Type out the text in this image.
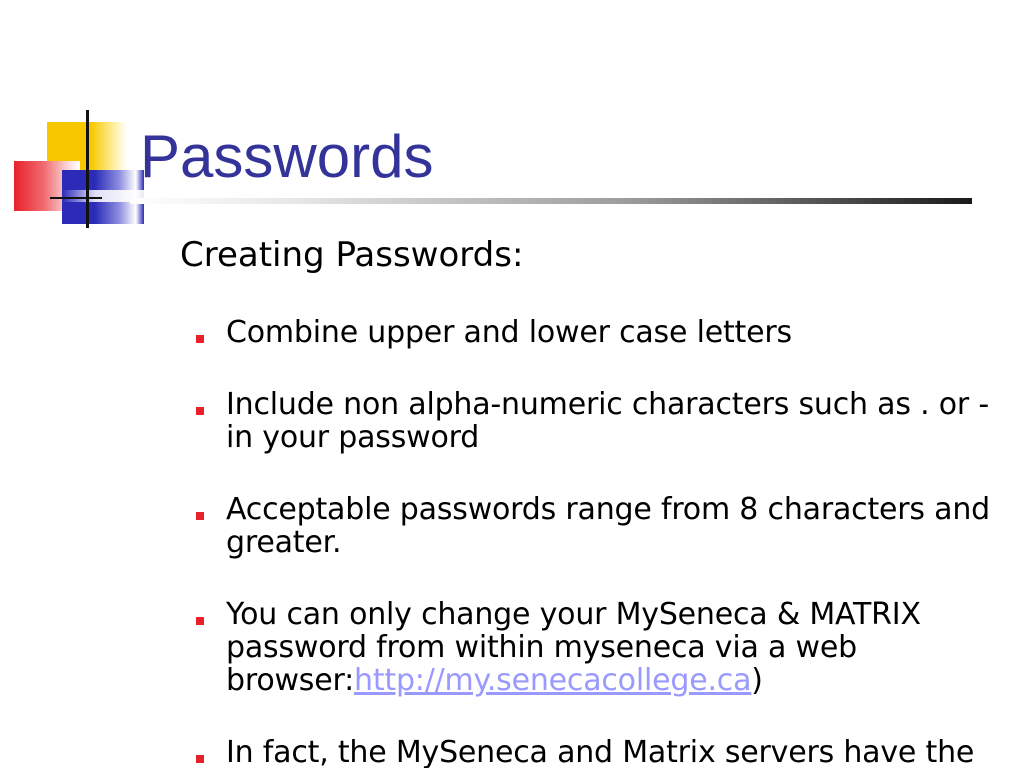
Passwords

Creating Passwords:

Combine upper and lower case letters
Include non alpha-numeric characters such as . or - in your password
Acceptable passwords range from 8 characters and greater.
You can only change your MySeneca & MATRIX password from within myseneca via a web browser:http://my.senecacollege.ca)
In fact, the MySeneca and Matrix servers have the
